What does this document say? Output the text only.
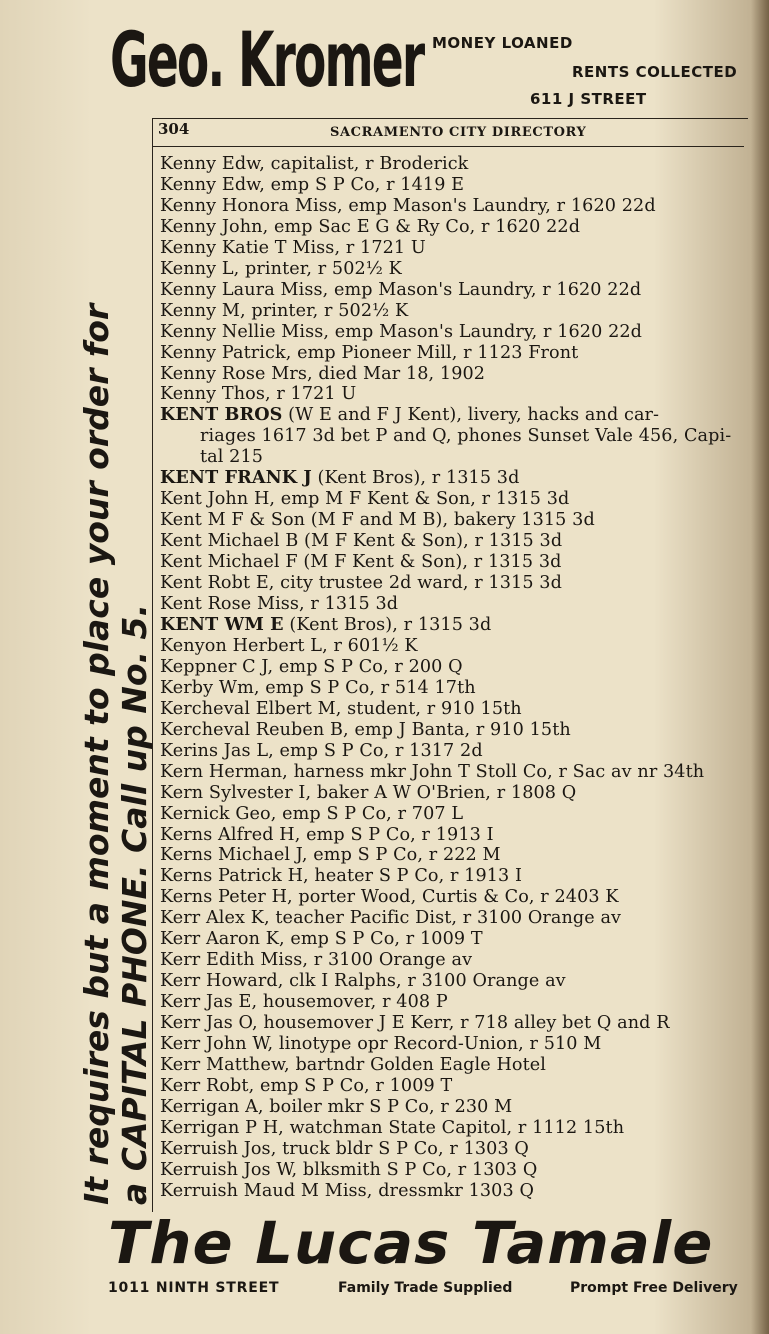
Geo. Kromer MONEY LOANED
RENTS COLLECTED
611 J STREET
It requires but a moment to place your order for a CAPITAL PHONE. Call up No. 5.
304	SACRAMENTO CITY DIRECTORY
Kenny Edw, capitalist, r Broderick
Kenny Edw, emp S P Co, r 1419 E
Kenny Honora Miss, emp Mason's Laundry, r 1620 22d
Kenny John, emp Sac E G & Ry Co, r 1620 22d
Kenny Katie T Miss, r 1721 U
Kenny L, printer, r 502½ K
Kenny Laura Miss, emp Mason's Laundry, r 1620 22d
Kenny M, printer, r 502½ K
Kenny Nellie Miss, emp Mason's Laundry, r 1620 22d
Kenny Patrick, emp Pioneer Mill, r 1123 Front
Kenny Rose Mrs, died Mar 18, 1902
Kenny Thos, r 1721 U
KENT BROS (W E and F J Kent), livery, hacks and car-
riages 1617 3d bet P and Q, phones Sunset Vale 456, Capi-
tal 215
KENT FRANK J (Kent Bros), r 1315 3d
Kent John H, emp M F Kent & Son, r 1315 3d
Kent M F & Son (M F and M B), bakery 1315 3d
Kent Michael B (M F Kent & Son), r 1315 3d
Kent Michael F (M F Kent & Son), r 1315 3d
Kent Robt E, city trustee 2d ward, r 1315 3d
Kent Rose Miss, r 1315 3d
KENT WM E (Kent Bros), r 1315 3d
Kenyon Herbert L, r 601½ K
Keppner C J, emp S P Co, r 200 Q
Kerby Wm, emp S P Co, r 514 17th
Kercheval Elbert M, student, r 910 15th
Kercheval Reuben B, emp J Banta, r 910 15th
Kerins Jas L, emp S P Co, r 1317 2d
Kern Herman, harness mkr John T Stoll Co, r Sac av nr 34th
Kern Sylvester I, baker A W O'Brien, r 1808 Q
Kernick Geo, emp S P Co, r 707 L
Kerns Alfred H, emp S P Co, r 1913 I
Kerns Michael J, emp S P Co, r 222 M
Kerns Patrick H, heater S P Co, r 1913 I
Kerns Peter H, porter Wood, Curtis & Co, r 2403 K
Kerr Alex K, teacher Pacific Dist, r 3100 Orange av
Kerr Aaron K, emp S P Co, r 1009 T
Kerr Edith Miss, r 3100 Orange av
Kerr Howard, clk I Ralphs, r 3100 Orange av
Kerr Jas E, housemover, r 408 P
Kerr Jas O, housemover J E Kerr, r 718 alley bet Q and R
Kerr John W, linotype opr Record-Union, r 510 M
Kerr Matthew, bartndr Golden Eagle Hotel
Kerr Robt, emp S P Co, r 1009 T
Kerrigan A, boiler mkr S P Co, r 230 M
Kerrigan P H, watchman State Capitol, r 1112 15th
Kerruish Jos, truck bldr S P Co, r 1303 Q
Kerruish Jos W, blksmith S P Co, r 1303 Q
Kerruish Maud M Miss, dressmkr 1303 Q
The Lucas Tamale
1011 NINTH STREET	Family Trade Supplied	Prompt Free Delivery
